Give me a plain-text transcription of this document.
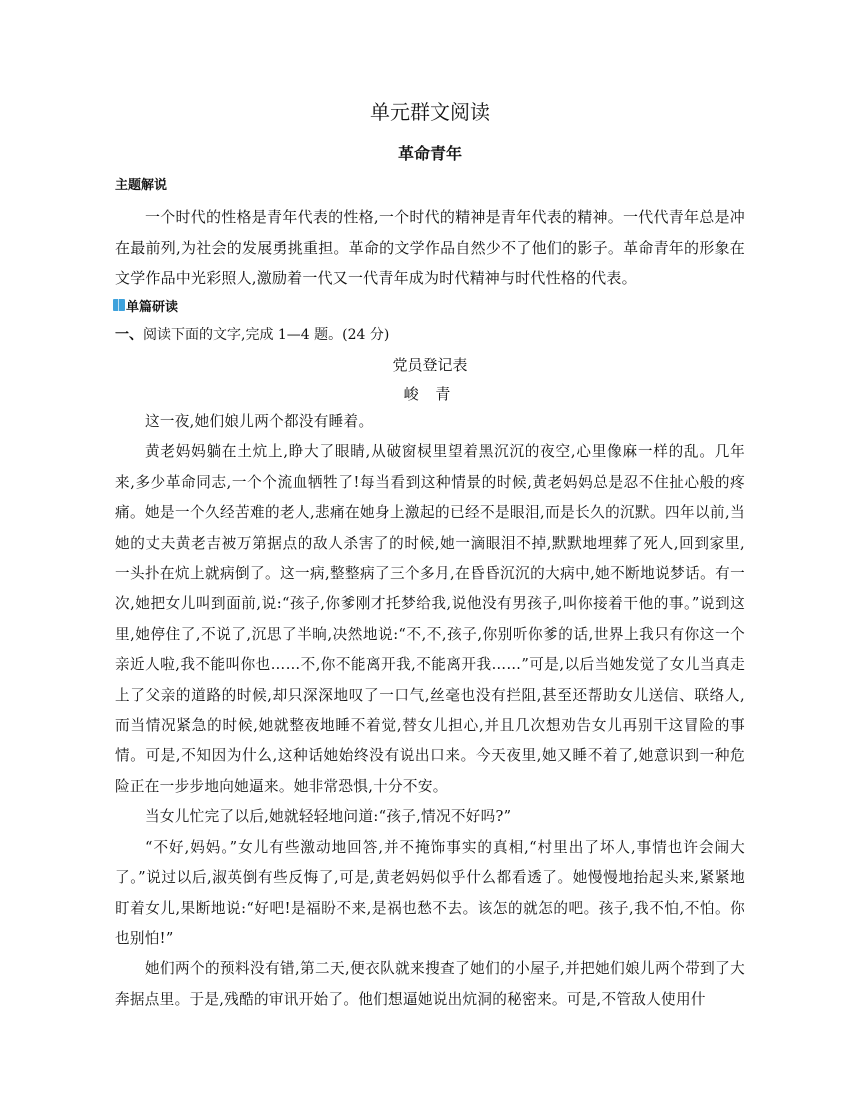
单元群文阅读
革命青年
主题解说
一个时代的性格是青年代表的性格,一个时代的精神是青年代表的精神。一代代青年总是冲在最前列,为社会的发展勇挑重担。革命的文学作品自然少不了他们的影子。革命青年的形象在文学作品中光彩照人,激励着一代又一代青年成为时代精神与时代性格的代表。
单篇研读
一、阅读下面的文字,完成 1—4 题。(24 分)
党员登记表
峻 青

这一夜,她们娘儿两个都没有睡着。

黄老妈妈躺在土炕上,睁大了眼睛,从破窗棂里望着黑沉沉的夜空,心里像麻一样的乱。几年来,多少革命同志,一个个流血牺牲了!每当看到这种情景的时候,黄老妈妈总是忍不住扯心般的疼痛。她是一个久经苦难的老人,悲痛在她身上激起的已经不是眼泪,而是长久的沉默。四年以前,当她的丈夫黄老吉被万第据点的敌人杀害了的时候,她一滴眼泪不掉,默默地埋葬了死人,回到家里,一头扑在炕上就病倒了。这一病,整整病了三个多月,在昏昏沉沉的大病中,她不断地说梦话。有一次,她把女儿叫到面前,说:“孩子,你爹刚才托梦给我,说他没有男孩子,叫你接着干他的事。”说到这里,她停住了,不说了,沉思了半晌,决然地说:“不,不,孩子,你别听你爹的话,世界上我只有你这一个亲近人啦,我不能叫你也……不,你不能离开我,不能离开我……”可是,以后当她发觉了女儿当真走上了父亲的道路的时候,却只深深地叹了一口气,丝毫也没有拦阻,甚至还帮助女儿送信、联络人,而当情况紧急的时候,她就整夜地睡不着觉,替女儿担心,并且几次想劝告女儿再别干这冒险的事情。可是,不知因为什么,这种话她始终没有说出口来。今天夜里,她又睡不着了,她意识到一种危险正在一步步地向她逼来。她非常恐惧,十分不安。

当女儿忙完了以后,她就轻轻地问道:“孩子,情况不好吗?”

“不好,妈妈。”女儿有些激动地回答,并不掩饰事实的真相,“村里出了坏人,事情也许会闹大了。”说过以后,淑英倒有些反悔了,可是,黄老妈妈似乎什么都看透了。她慢慢地抬起头来,紧紧地盯着女儿,果断地说:“好吧!是福盼不来,是祸也愁不去。该怎的就怎的吧。孩子,我不怕,不怕。你也别怕!”

她们两个的预料没有错,第二天,便衣队就来搜查了她们的小屋子,并把她们娘儿两个带到了大奔据点里。于是,残酷的审讯开始了。他们想逼她说出炕洞的秘密来。可是,不管敌人使用什
